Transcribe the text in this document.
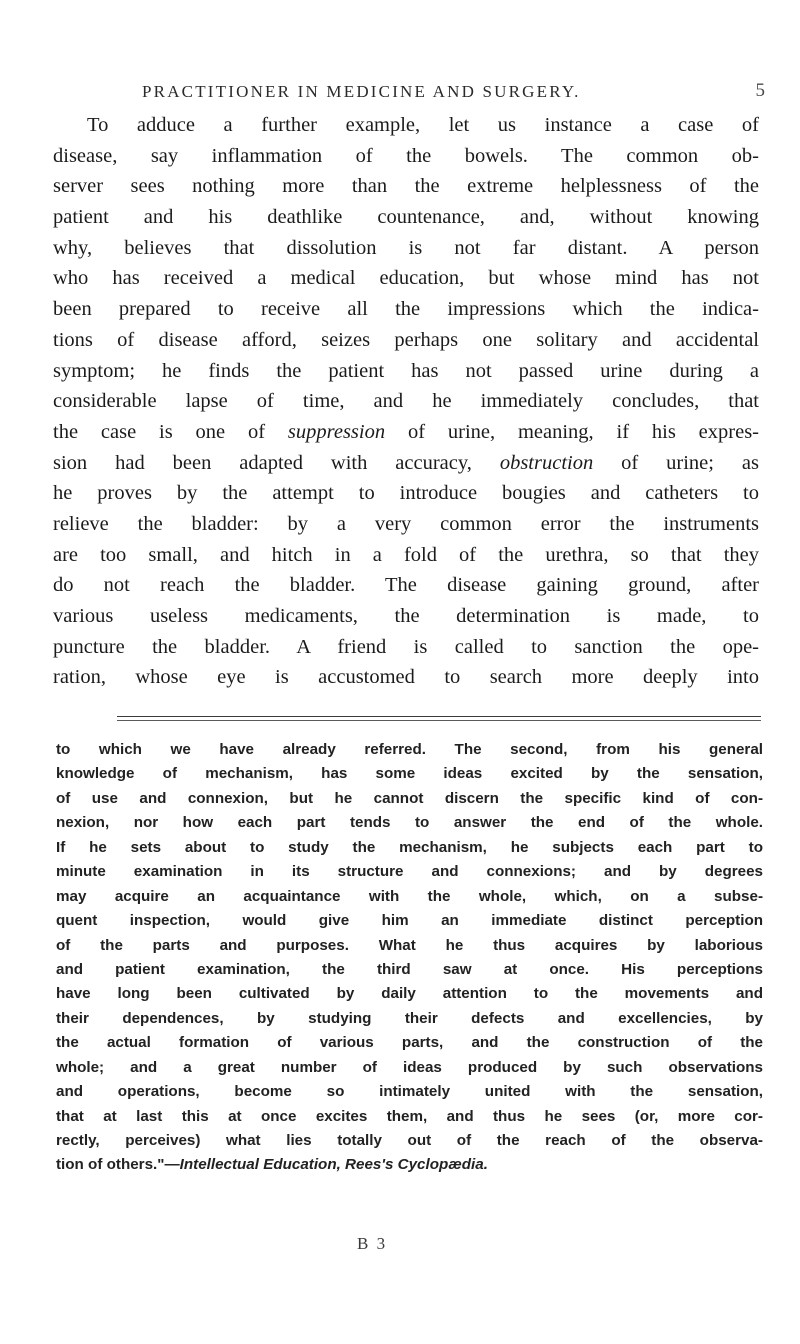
PRACTITIONER IN MEDICINE AND SURGERY.	5
To adduce a further example, let us instance a case of
disease, say inflammation of the bowels. The common ob-
server sees nothing more than the extreme helplessness of the
patient and his deathlike countenance, and, without knowing
why, believes that dissolution is not far distant. A person
who has received a medical education, but whose mind has not
been prepared to receive all the impressions which the indica-
tions of disease afford, seizes perhaps one solitary and accidental
symptom; he finds the patient has not passed urine during a
considerable lapse of time, and he immediately concludes, that
the case is one of suppression of urine, meaning, if his expres-
sion had been adapted with accuracy, obstruction of urine; as
he proves by the attempt to introduce bougies and catheters to
relieve the bladder: by a very common error the instruments
are too small, and hitch in a fold of the urethra, so that they
do not reach the bladder. The disease gaining ground, after
various useless medicaments, the determination is made, to
puncture the bladder. A friend is called to sanction the ope-
ration, whose eye is accustomed to search more deeply into
to which we have already referred. The second, from his general
knowledge of mechanism, has some ideas excited by the sensation,
of use and connexion, but he cannot discern the specific kind of con-
nexion, nor how each part tends to answer the end of the whole.
If he sets about to study the mechanism, he subjects each part to
minute examination in its structure and connexions; and by degrees
may acquire an acquaintance with the whole, which, on a subse-
quent inspection, would give him an immediate distinct perception
of the parts and purposes. What he thus acquires by laborious
and patient examination, the third saw at once. His perceptions
have long been cultivated by daily attention to the movements and
their dependences, by studying their defects and excellencies, by
the actual formation of various parts, and the construction of the
whole; and a great number of ideas produced by such observations
and operations, become so intimately united with the sensation,
that at last this at once excites them, and thus he sees (or, more cor-
rectly, perceives) what lies totally out of the reach of the observa-
tion of others."—Intellectual Education, Rees's Cyclopædia.
B 3
